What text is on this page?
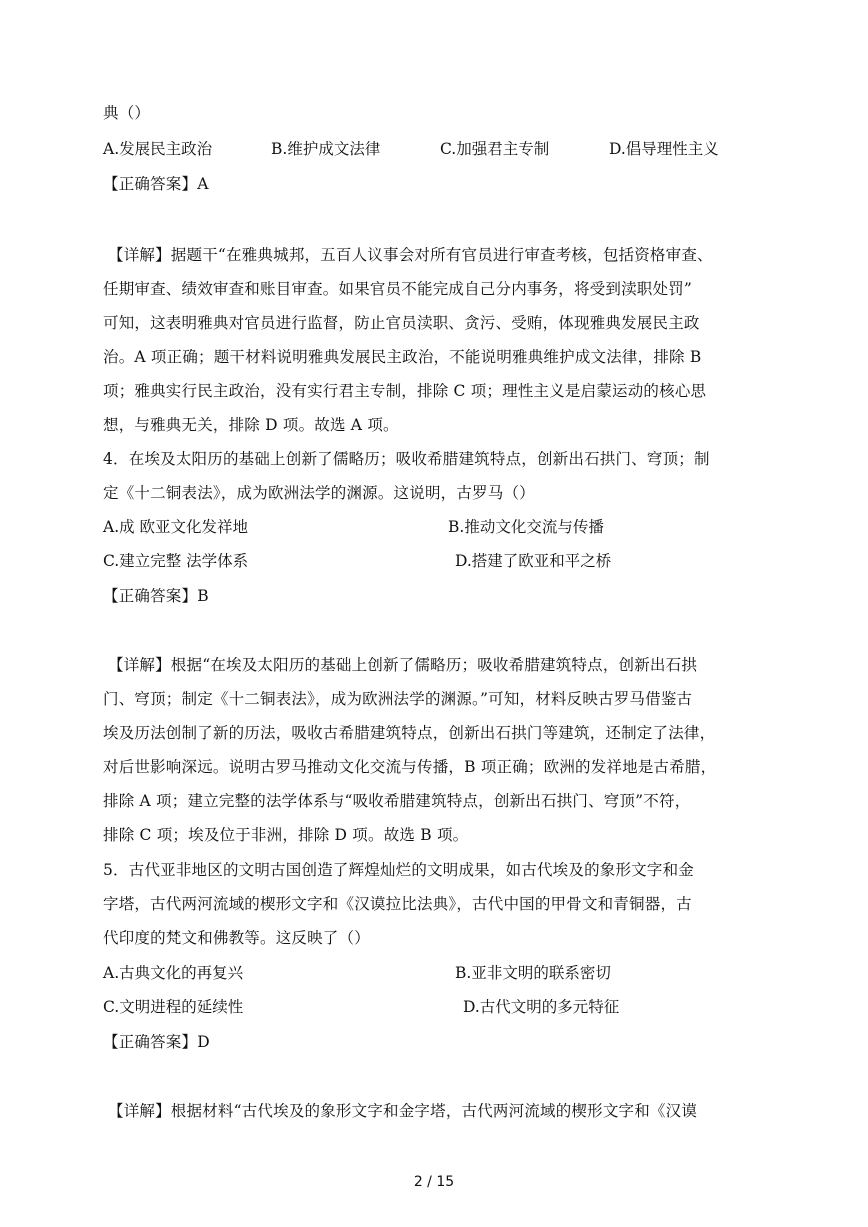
典（）
A.发展民主政治	B.维护成文法律	C.加强君主专制	D.倡导理性主义
【正确答案】A
【详解】据题干“在雅典城邦，五百人议事会对所有官员进行审查考核，包括资格审查、
任期审查、绩效审查和账目审查。如果官员不能完成自己分内事务，将受到渎职处罚”
可知，这表明雅典对官员进行监督，防止官员渎职、贪污、受贿，体现雅典发展民主政
治。A 项正确；题干材料说明雅典发展民主政治，不能说明雅典维护成文法律，排除 B
项；雅典实行民主政治，没有实行君主专制，排除 C 项；理性主义是启蒙运动的核心思
想，与雅典无关，排除 D 项。故选 A 项。
4．在埃及太阳历的基础上创新了儒略历；吸收希腊建筑特点，创新出石拱门、穹顶；制
定《十二铜表法》，成为欧洲法学的渊源。这说明，古罗马（）
A.成 欧亚文化发祥地	B.推动文化交流与传播
C.建立完整 法学体系	D.搭建了欧亚和平之桥
【正确答案】B
【详解】根据“在埃及太阳历的基础上创新了儒略历；吸收希腊建筑特点，创新出石拱
门、穹顶；制定《十二铜表法》，成为欧洲法学的渊源。”可知，材料反映古罗马借鉴古
埃及历法创制了新的历法，吸收古希腊建筑特点，创新出石拱门等建筑，还制定了法律，
对后世影响深远。说明古罗马推动文化交流与传播，B 项正确；欧洲的发祥地是古希腊，
排除 A 项；建立完整的法学体系与“吸收希腊建筑特点，创新出石拱门、穹顶”不符，
排除 C 项；埃及位于非洲，排除 D 项。故选 B 项。
5．古代亚非地区的文明古国创造了辉煌灿烂的文明成果，如古代埃及的象形文字和金
字塔，古代两河流域的楔形文字和《汉谟拉比法典》，古代中国的甲骨文和青铜器，古
代印度的梵文和佛教等。这反映了（）
A.古典文化的再复兴	B.亚非文明的联系密切
C.文明进程的延续性	D.古代文明的多元特征
【正确答案】D
【详解】根据材料“古代埃及的象形文字和金字塔，古代两河流域的楔形文字和《汉谟
2 / 15
